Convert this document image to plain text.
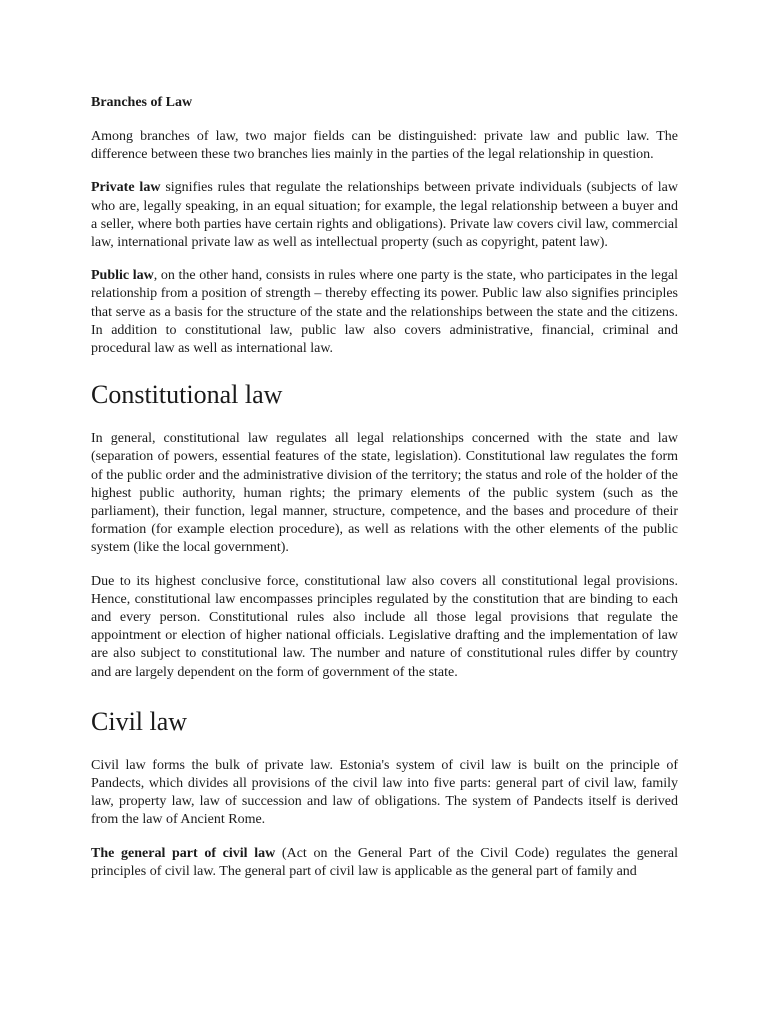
Branches of Law

Among branches of law, two major fields can be distinguished: private law and public law. The difference between these two branches lies mainly in the parties of the legal relationship in question.

Private law signifies rules that regulate the relationships between private individuals (subjects of law who are, legally speaking, in an equal situation; for example, the legal relationship between a buyer and a seller, where both parties have certain rights and obligations). Private law covers civil law, commercial law, international private law as well as intellectual property (such as copyright, patent law).

Public law, on the other hand, consists in rules where one party is the state, who participates in the legal relationship from a position of strength – thereby effecting its power. Public law also signifies principles that serve as a basis for the structure of the state and the relationships between the state and the citizens. In addition to constitutional law, public law also covers administrative, financial, criminal and procedural law as well as international law.

Constitutional law

In general, constitutional law regulates all legal relationships concerned with the state and law (separation of powers, essential features of the state, legislation). Constitutional law regulates the form of the public order and the administrative division of the territory; the status and role of the holder of the highest public authority, human rights; the primary elements of the public system (such as the parliament), their function, legal manner, structure, competence, and the bases and procedure of their formation (for example election procedure), as well as relations with the other elements of the public system (like the local government).

Due to its highest conclusive force, constitutional law also covers all constitutional legal provisions. Hence, constitutional law encompasses principles regulated by the constitution that are binding to each and every person. Constitutional rules also include all those legal provisions that regulate the appointment or election of higher national officials. Legislative drafting and the implementation of law are also subject to constitutional law. The number and nature of constitutional rules differ by country and are largely dependent on the form of government of the state.

Civil law

Civil law forms the bulk of private law. Estonia's system of civil law is built on the principle of Pandects, which divides all provisions of the civil law into five parts: general part of civil law, family law, property law, law of succession and law of obligations. The system of Pandects itself is derived from the law of Ancient Rome.

The general part of civil law (Act on the General Part of the Civil Code) regulates the general principles of civil law. The general part of civil law is applicable as the general part of family and
